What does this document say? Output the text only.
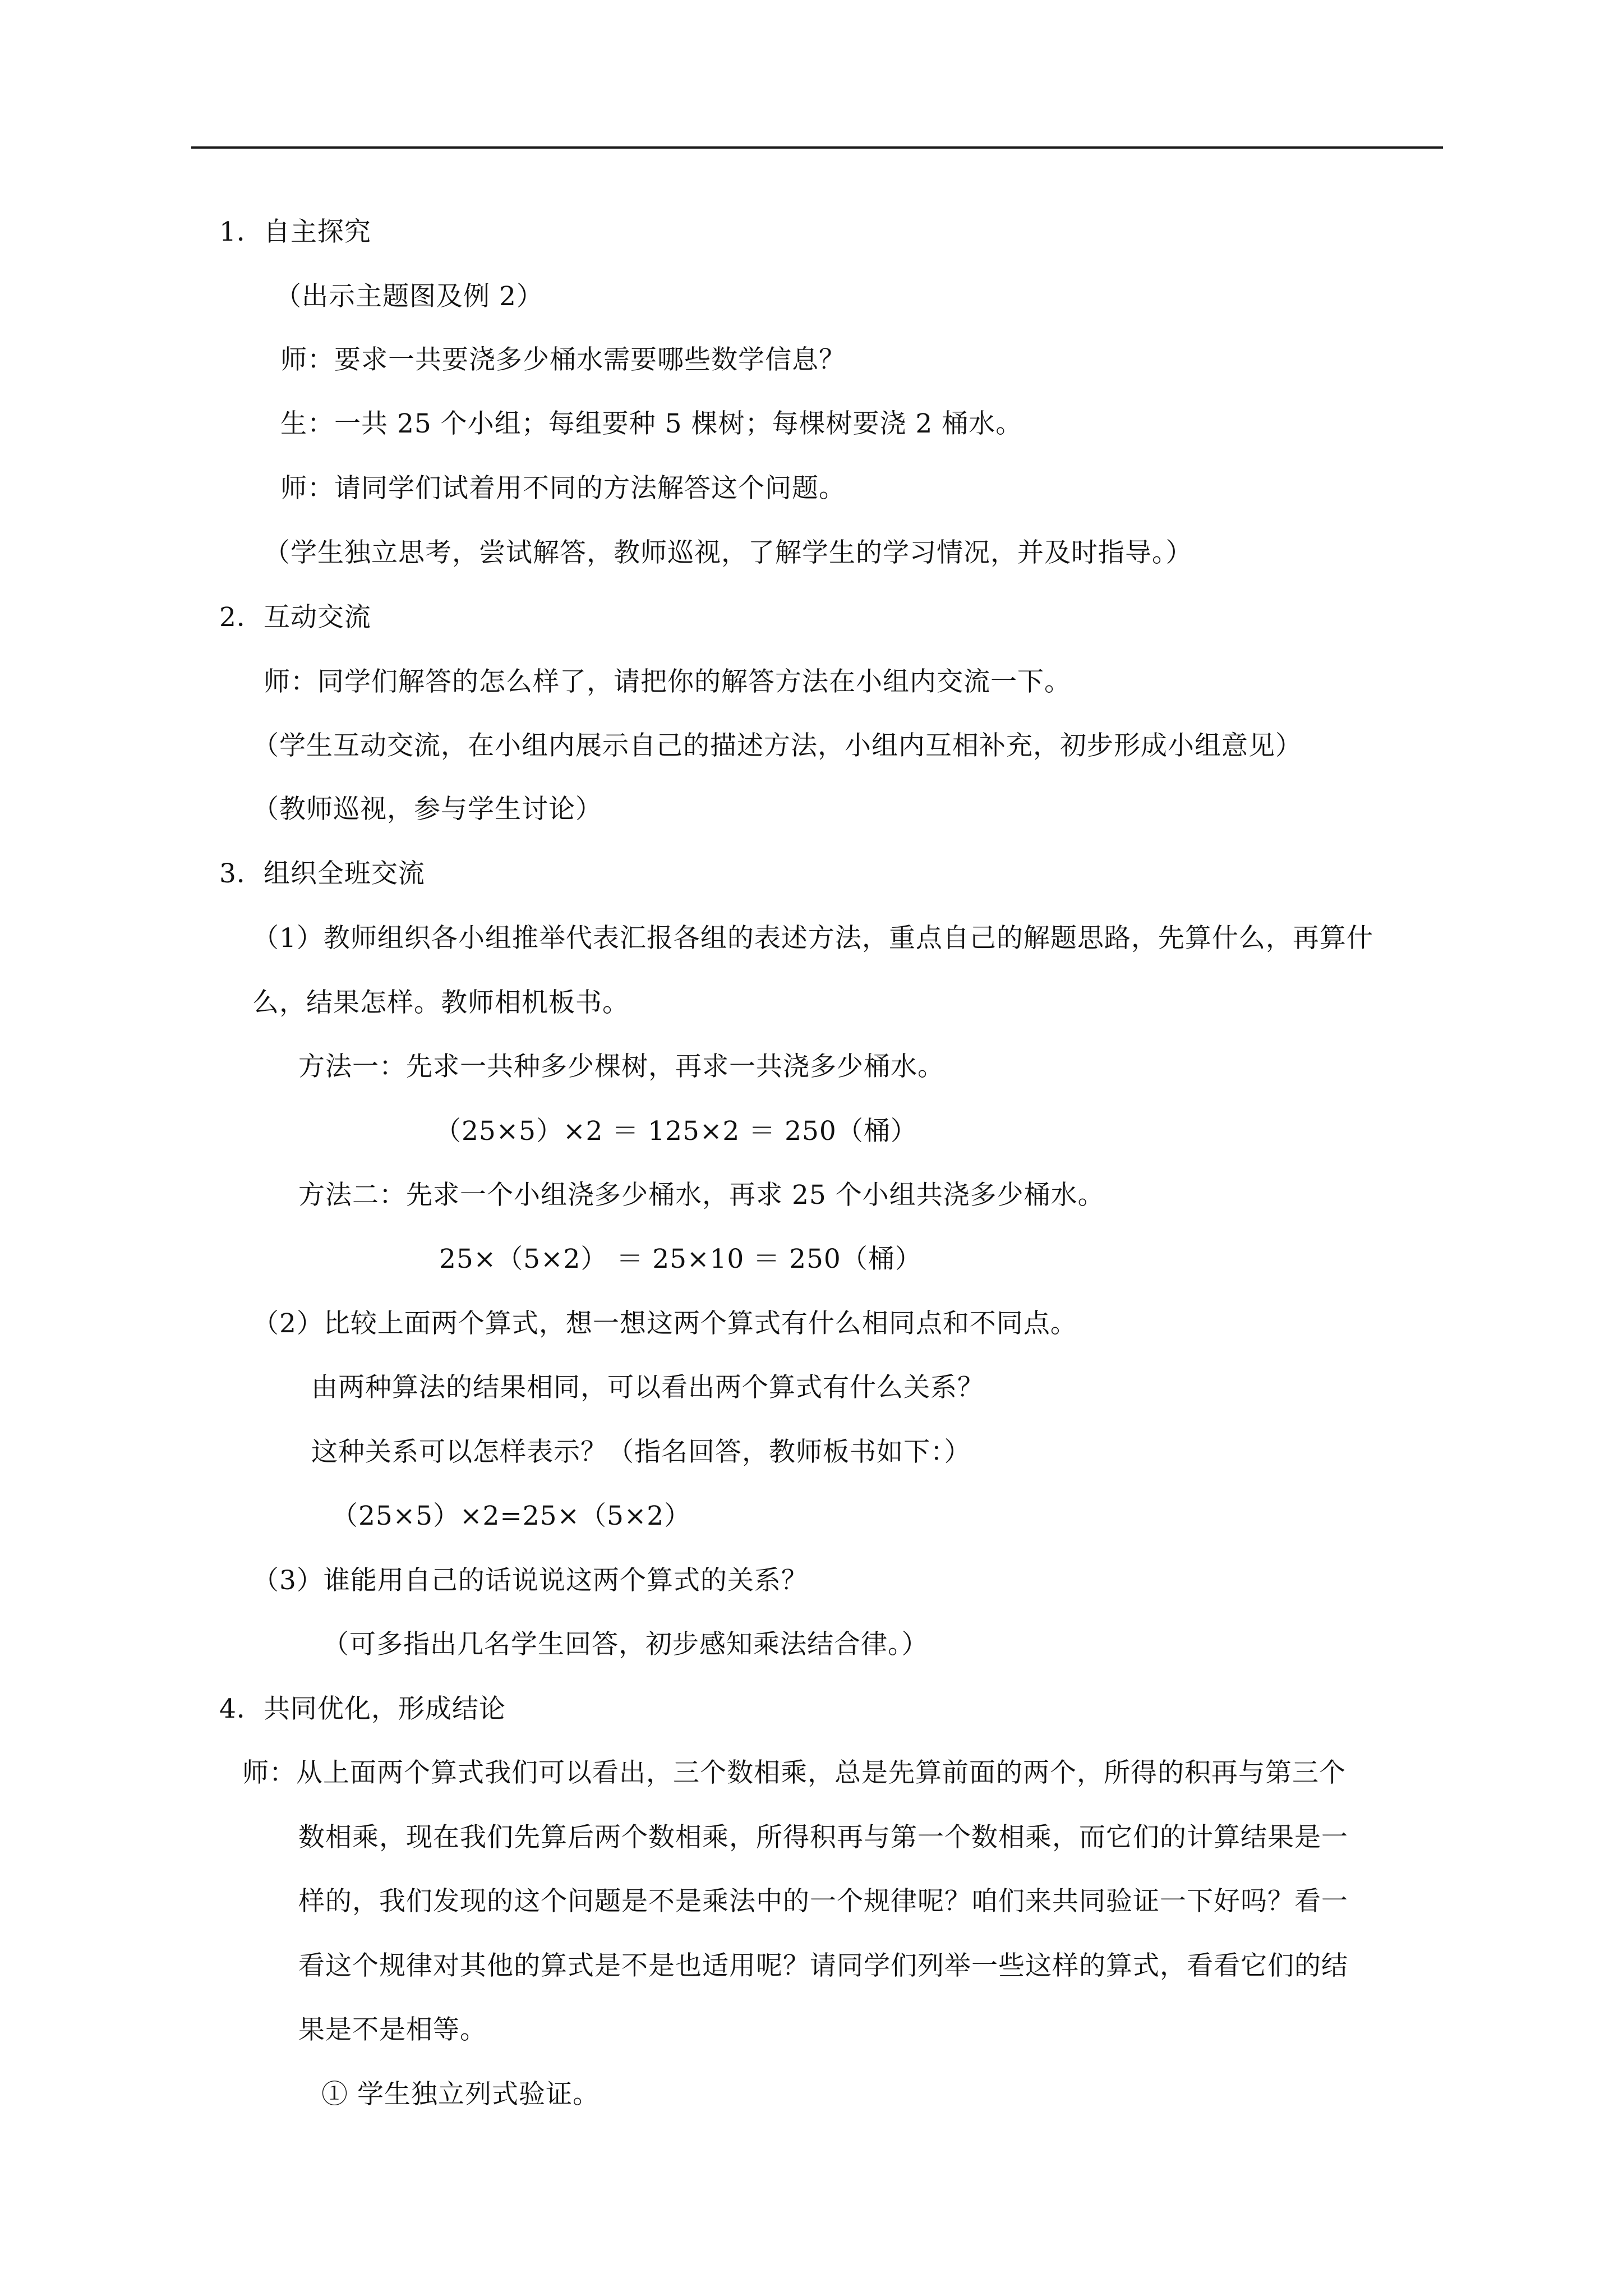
1．自主探究
（出示主题图及例 2）
师：要求一共要浇多少桶水需要哪些数学信息？
生：一共 25 个小组；每组要种 5 棵树；每棵树要浇 2 桶水。
师：请同学们试着用不同的方法解答这个问题。
（学生独立思考，尝试解答，教师巡视，了解学生的学习情况，并及时指导。）
2．互动交流
师：同学们解答的怎么样了，请把你的解答方法在小组内交流一下。
（学生互动交流，在小组内展示自己的描述方法，小组内互相补充，初步形成小组意见）
（教师巡视，参与学生讨论）
3．组织全班交流
（1）教师组织各小组推举代表汇报各组的表述方法，重点自己的解题思路，先算什么，再算什
么，结果怎样。教师相机板书。
方法一：先求一共种多少棵树，再求一共浇多少桶水。
（25×5）×2 ＝ 125×2 ＝ 250（桶）
方法二：先求一个小组浇多少桶水，再求 25 个小组共浇多少桶水。
25×（5×2） ＝ 25×10 ＝ 250（桶）
（2）比较上面两个算式，想一想这两个算式有什么相同点和不同点。
由两种算法的结果相同，可以看出两个算式有什么关系？
这种关系可以怎样表示？（指名回答，教师板书如下：）
（25×5）×2=25×（5×2）
（3）谁能用自己的话说说这两个算式的关系？
（可多指出几名学生回答，初步感知乘法结合律。）
4．共同优化，形成结论
师：从上面两个算式我们可以看出，三个数相乘，总是先算前面的两个，所得的积再与第三个
数相乘，现在我们先算后两个数相乘，所得积再与第一个数相乘，而它们的计算结果是一
样的，我们发现的这个问题是不是乘法中的一个规律呢？咱们来共同验证一下好吗？看一
看这个规律对其他的算式是不是也适用呢？请同学们列举一些这样的算式，看看它们的结
果是不是相等。
① 学生独立列式验证。
